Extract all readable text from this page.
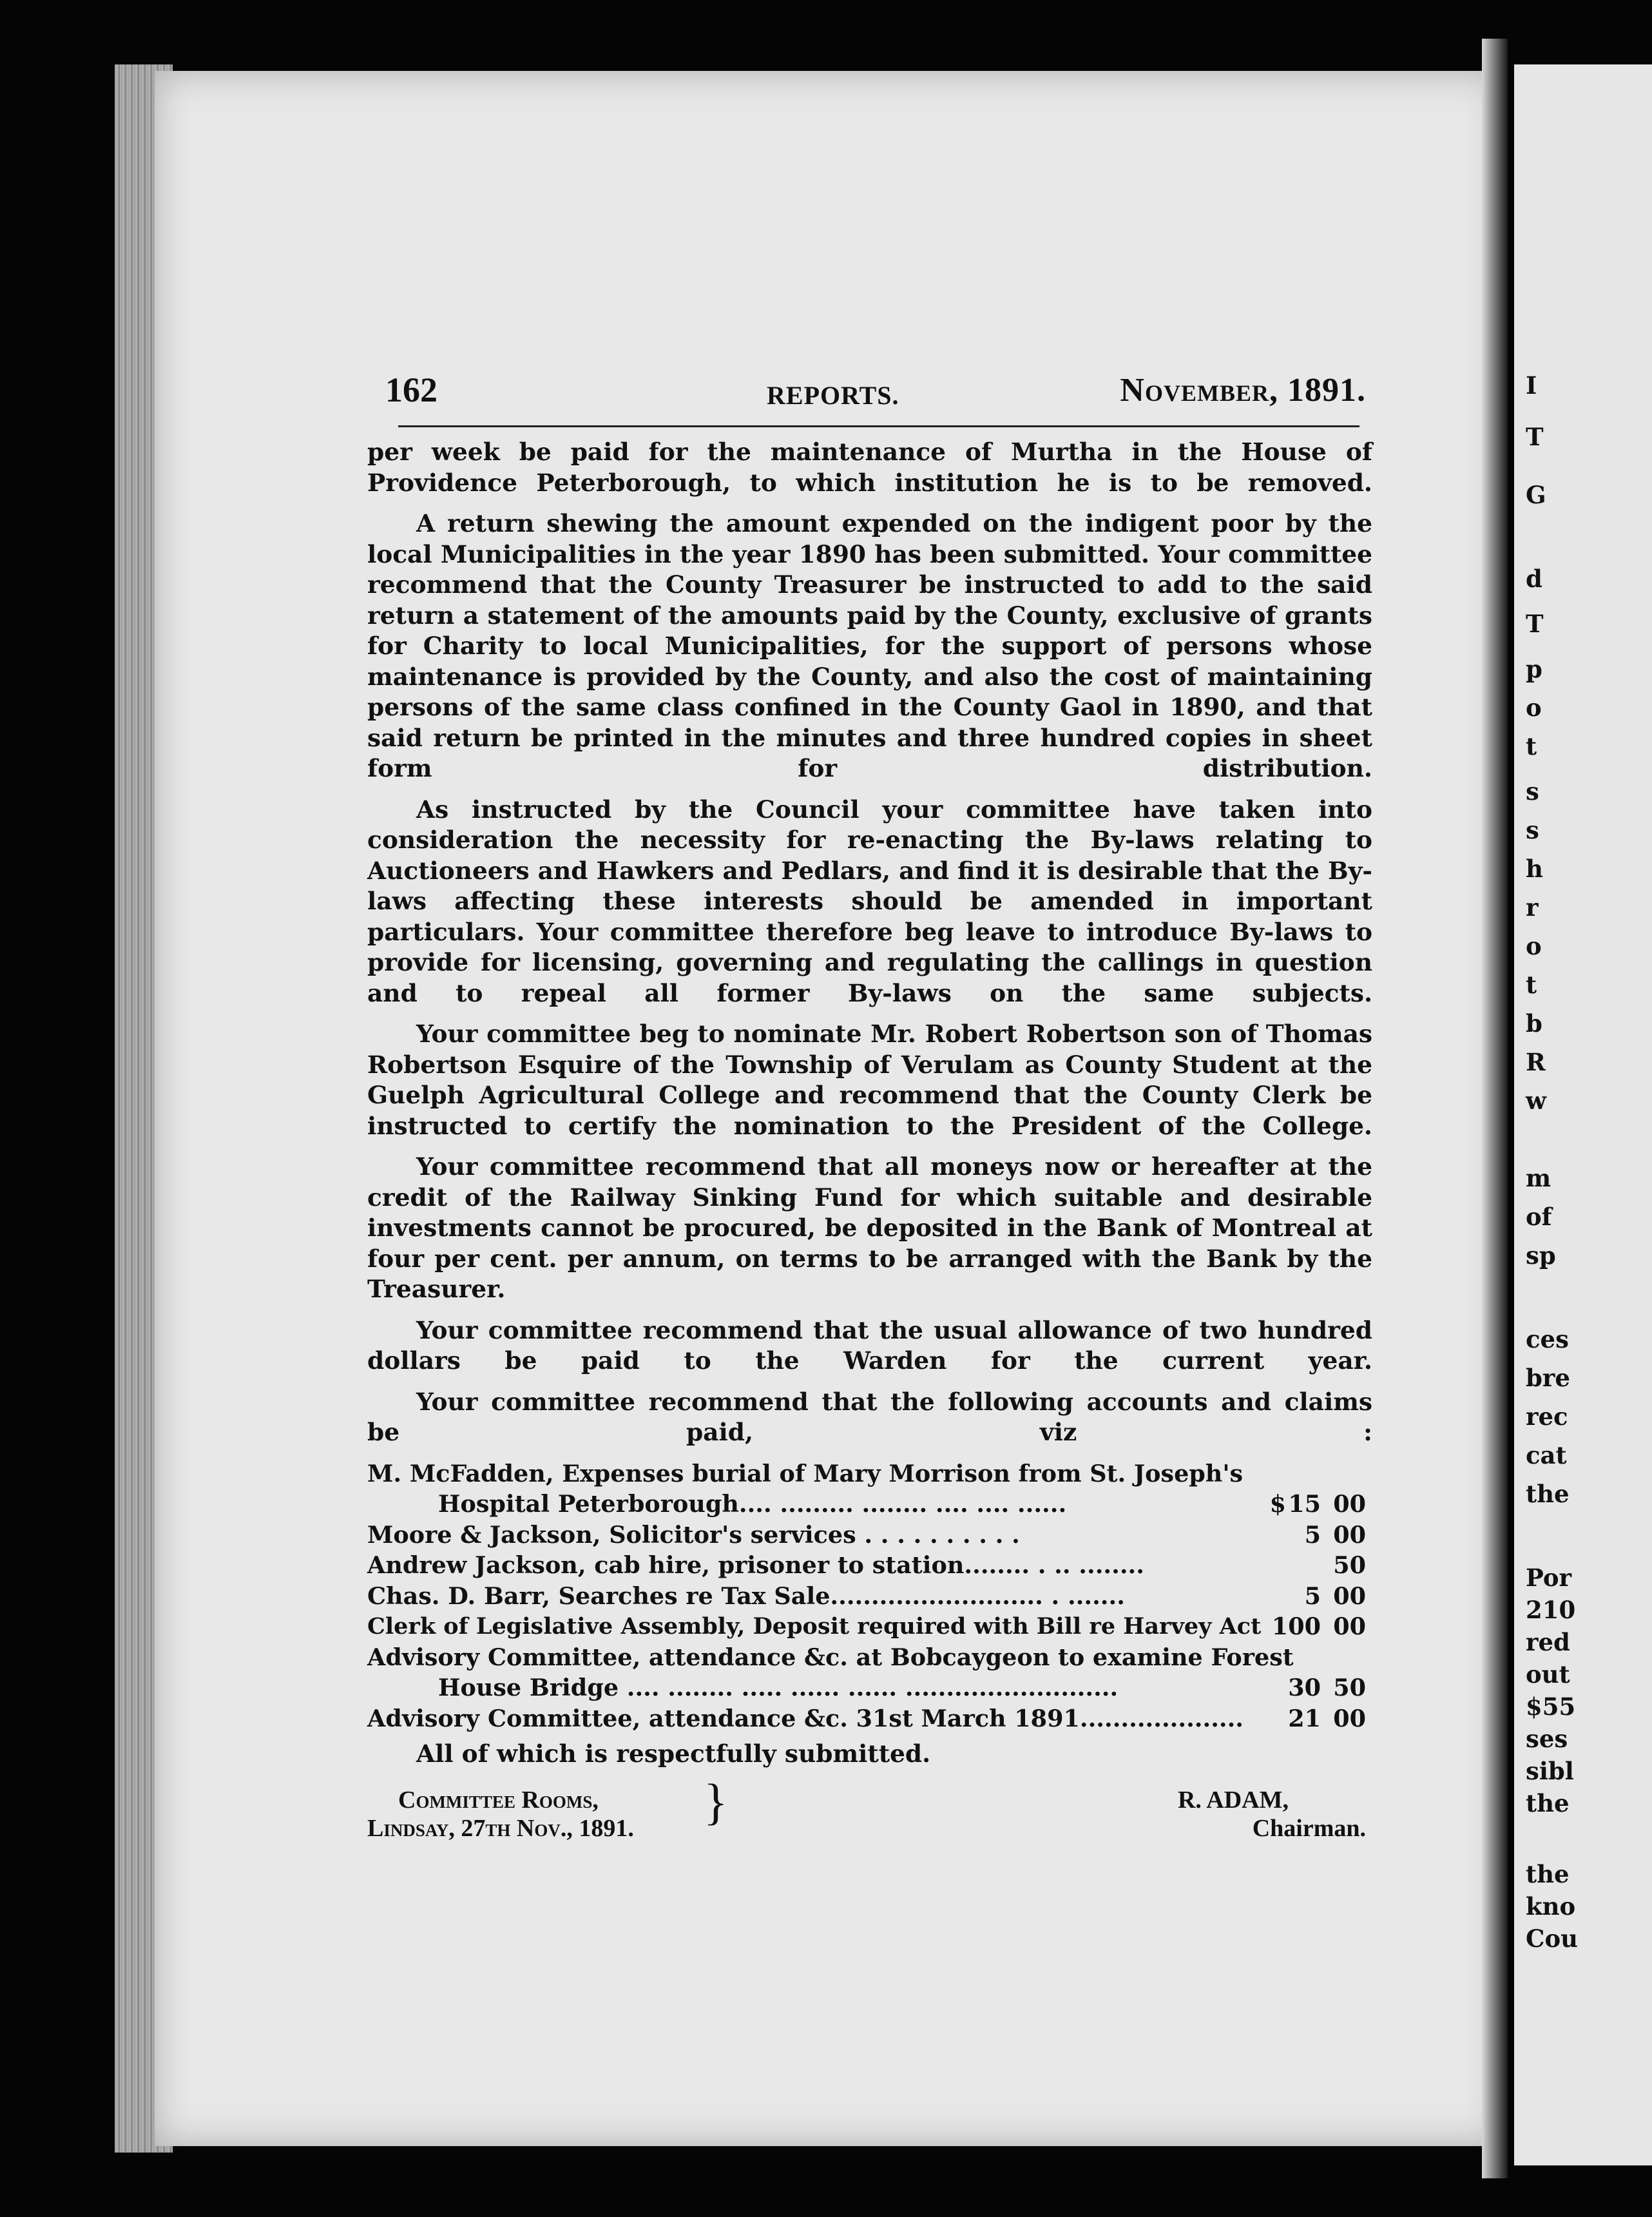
162	REPORTS.	November, 1891.

per week be paid for the maintenance of Murtha in the House of Providence Peterborough, to which institution he is to be removed.

A return shewing the amount expended on the indigent poor by the local Municipalities in the year 1890 has been submitted. Your committee recommend that the County Treasurer be instructed to add to the said return a statement of the amounts paid by the County, exclusive of grants for Charity to local Municipalities, for the support of persons whose maintenance is provided by the County, and also the cost of maintaining persons of the same class confined in the County Gaol in 1890, and that said return be printed in the minutes and three hundred copies in sheet form for distribution.

As instructed by the Council your committee have taken into consideration the necessity for re-enacting the By-laws relating to Auctioneers and Hawkers and Pedlars, and find it is desirable that the By-laws affecting these interests should be amended in important particulars. Your committee therefore beg leave to introduce By-laws to provide for licensing, governing and regulating the callings in question and to repeal all former By-laws on the same subjects.

Your committee beg to nominate Mr. Robert Robertson son of Thomas Robertson Esquire of the Township of Verulam as County Student at the Guelph Agricultural College and recommend that the County Clerk be instructed to certify the nomination to the President of the College.

Your committee recommend that all moneys now or hereafter at the credit of the Railway Sinking Fund for which suitable and desirable investments cannot be procured, be deposited in the Bank of Montreal at four per cent. per annum, on terms to be arranged with the Bank by the Treasurer.

Your committee recommend that the usual allowance of two hundred dollars be paid to the Warden for the current year.

Your committee recommend that the following accounts and claims be paid, viz :

M. McFadden, Expenses burial of Mary Morrison from St. Joseph's
Hospital Peterborough.... ......... ........ .... .... ......	$ 15 00
Moore & Jackson, Solicitor's services . . . . . . . . . .	5 00
Andrew Jackson, cab hire, prisoner to station........ . .. ........	50
Chas. D. Barr, Searches re Tax Sale.......................... . .......	5 00
Clerk of Legislative Assembly, Deposit required with Bill re Harvey Act 100 00
Advisory Committee, attendance &c. at Bobcaygeon to examine Forest
House Bridge .... ........ ..... ...... ...... ..........................	30 50
Advisory Committee, attendance &c. 31st March 1891.................... 21 00

All of which is respectfully submitted.

Committee Rooms,
Lindsay, 27th Nov., 1891. }	R. ADAM,
Chairman.
I
T
G
d
T
p
o
t
s
s
h
r
o
t
b
R
w
m
of
sp
ces
bre
rec
cat
the
Por
210
red
out
$55
ses
sibl
the
the
kno
Cou
